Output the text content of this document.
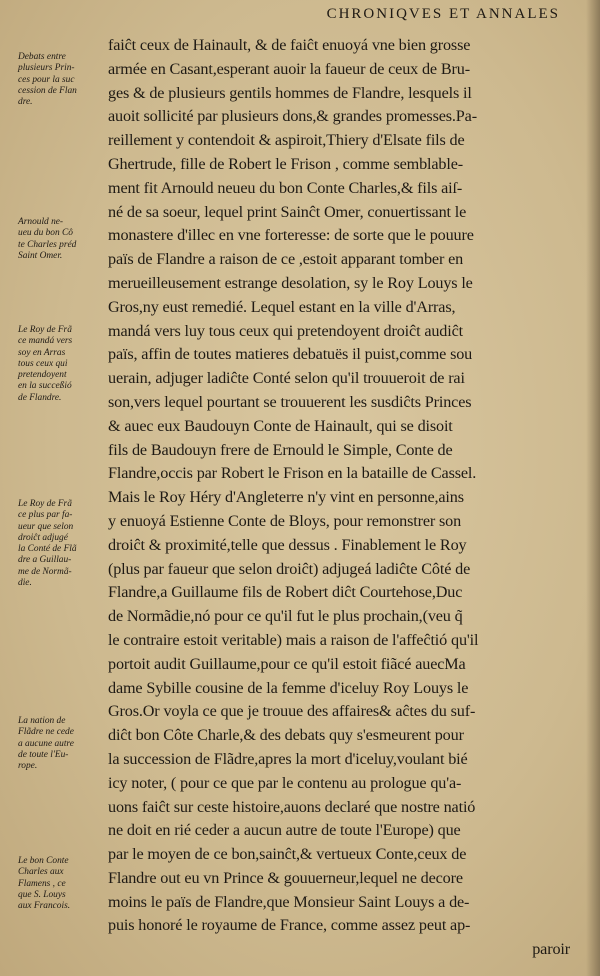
CHRONIQVES ET ANNALES
Debats entre
plusieurs Prin-
ces pour la suc
cession de Flan
dre.
Arnould ne-
ueu du bon Cô
te Charles préd
Saint Omer.
Le Roy de Frã
ce mandá vers
soy en Arras
tous ceux qui
pretendoyent
en la succeßió
de Flandre.
Le Roy de Frã
ce plus par fa-
ueur que selon
droiĉt adjugé
la Conté de Flã
dre a Guillau-
me de Normã-
die.
La nation de
Flãdre ne cede
a aucune autre
de toute l'Eu-
rope.
Le bon Conte
Charles aux
Flamens , ce
que S. Louys
aux Francois.
faiĉt ceux de Hainault, & de faiĉt enuoyá vne bien grosse
armée en Casant,esperant auoir la faueur de ceux de Bru-
ges & de plusieurs gentils hommes de Flandre, lesquels il
auoit sollicité par plusieurs dons,& grandes promesses.Pa-
reillement y contendoit & aspiroit,Thiery d'Elsate fils de
Ghertrude, fille de Robert le Frison , comme semblable-
ment fit Arnould neueu du bon Conte Charles,& fils aiſ-
né de sa soeur, lequel print Sainĉt Omer, conuertissant le
monastere d'illec en vne forteresse: de sorte que le pouure
païs de Flandre a raison de ce ,estoit apparant tomber en
merueilleusement estrange desolation, sy le Roy Louys le
Gros,ny eust remedié. Lequel estant en la ville d'Arras,
mandá vers luy tous ceux qui pretendoyent droiĉt audiĉt
païs, affin de toutes matieres debatuës il puist,comme sou
uerain, adjuger ladiĉte Conté selon qu'il trouueroit de rai
son,vers lequel pourtant se trouuerent les susdiĉts Princes
& auec eux Baudouyn Conte de Hainault, qui se disoit
fils de Baudouyn frere de Ernould le Simple, Conte de
Flandre,occis par Robert le Frison en la bataille de Cassel.
Mais le Roy Héry d'Angleterre n'y vint en personne,ains
y enuoyá Estienne Conte de Bloys, pour remonstrer son
droiĉt & proximité,telle que dessus . Finablement le Roy
(plus par faueur que selon droiĉt) adjugeá ladiĉte Côté de
Flandre,a Guillaume fils de Robert diĉt Courtehose,Duc
de Normãdie,nó pour ce qu'il fut le plus prochain,(veu q̃
le contraire estoit veritable) mais a raison de l'affeĉtió qu'il
portoit audit Guillaume,pour ce qu'il estoit fiãcé auecMa
dame Sybille cousine de la femme d'iceluy Roy Louys le
Gros.Or voyla ce que je trouue des affaires& aĉtes du suf-
diĉt bon Côte Charle,& des debats quy s'esmeurent pour
la succession de Flãdre,apres la mort d'iceluy,voulant bié
icy noter, ( pour ce que par le contenu au prologue qu'a-
uons faiĉt sur ceste histoire,auons declaré que nostre natió
ne doit en rié ceder a aucun autre de toute l'Europe) que
par le moyen de ce bon,sainĉt,& vertueux Conte,ceux de
Flandre out eu vn Prince & gouuerneur,lequel ne decore
moins le païs de Flandre,que Monsieur Saint Louys a de-
puis honoré le royaume de France, comme assez peut ap-
paroir
